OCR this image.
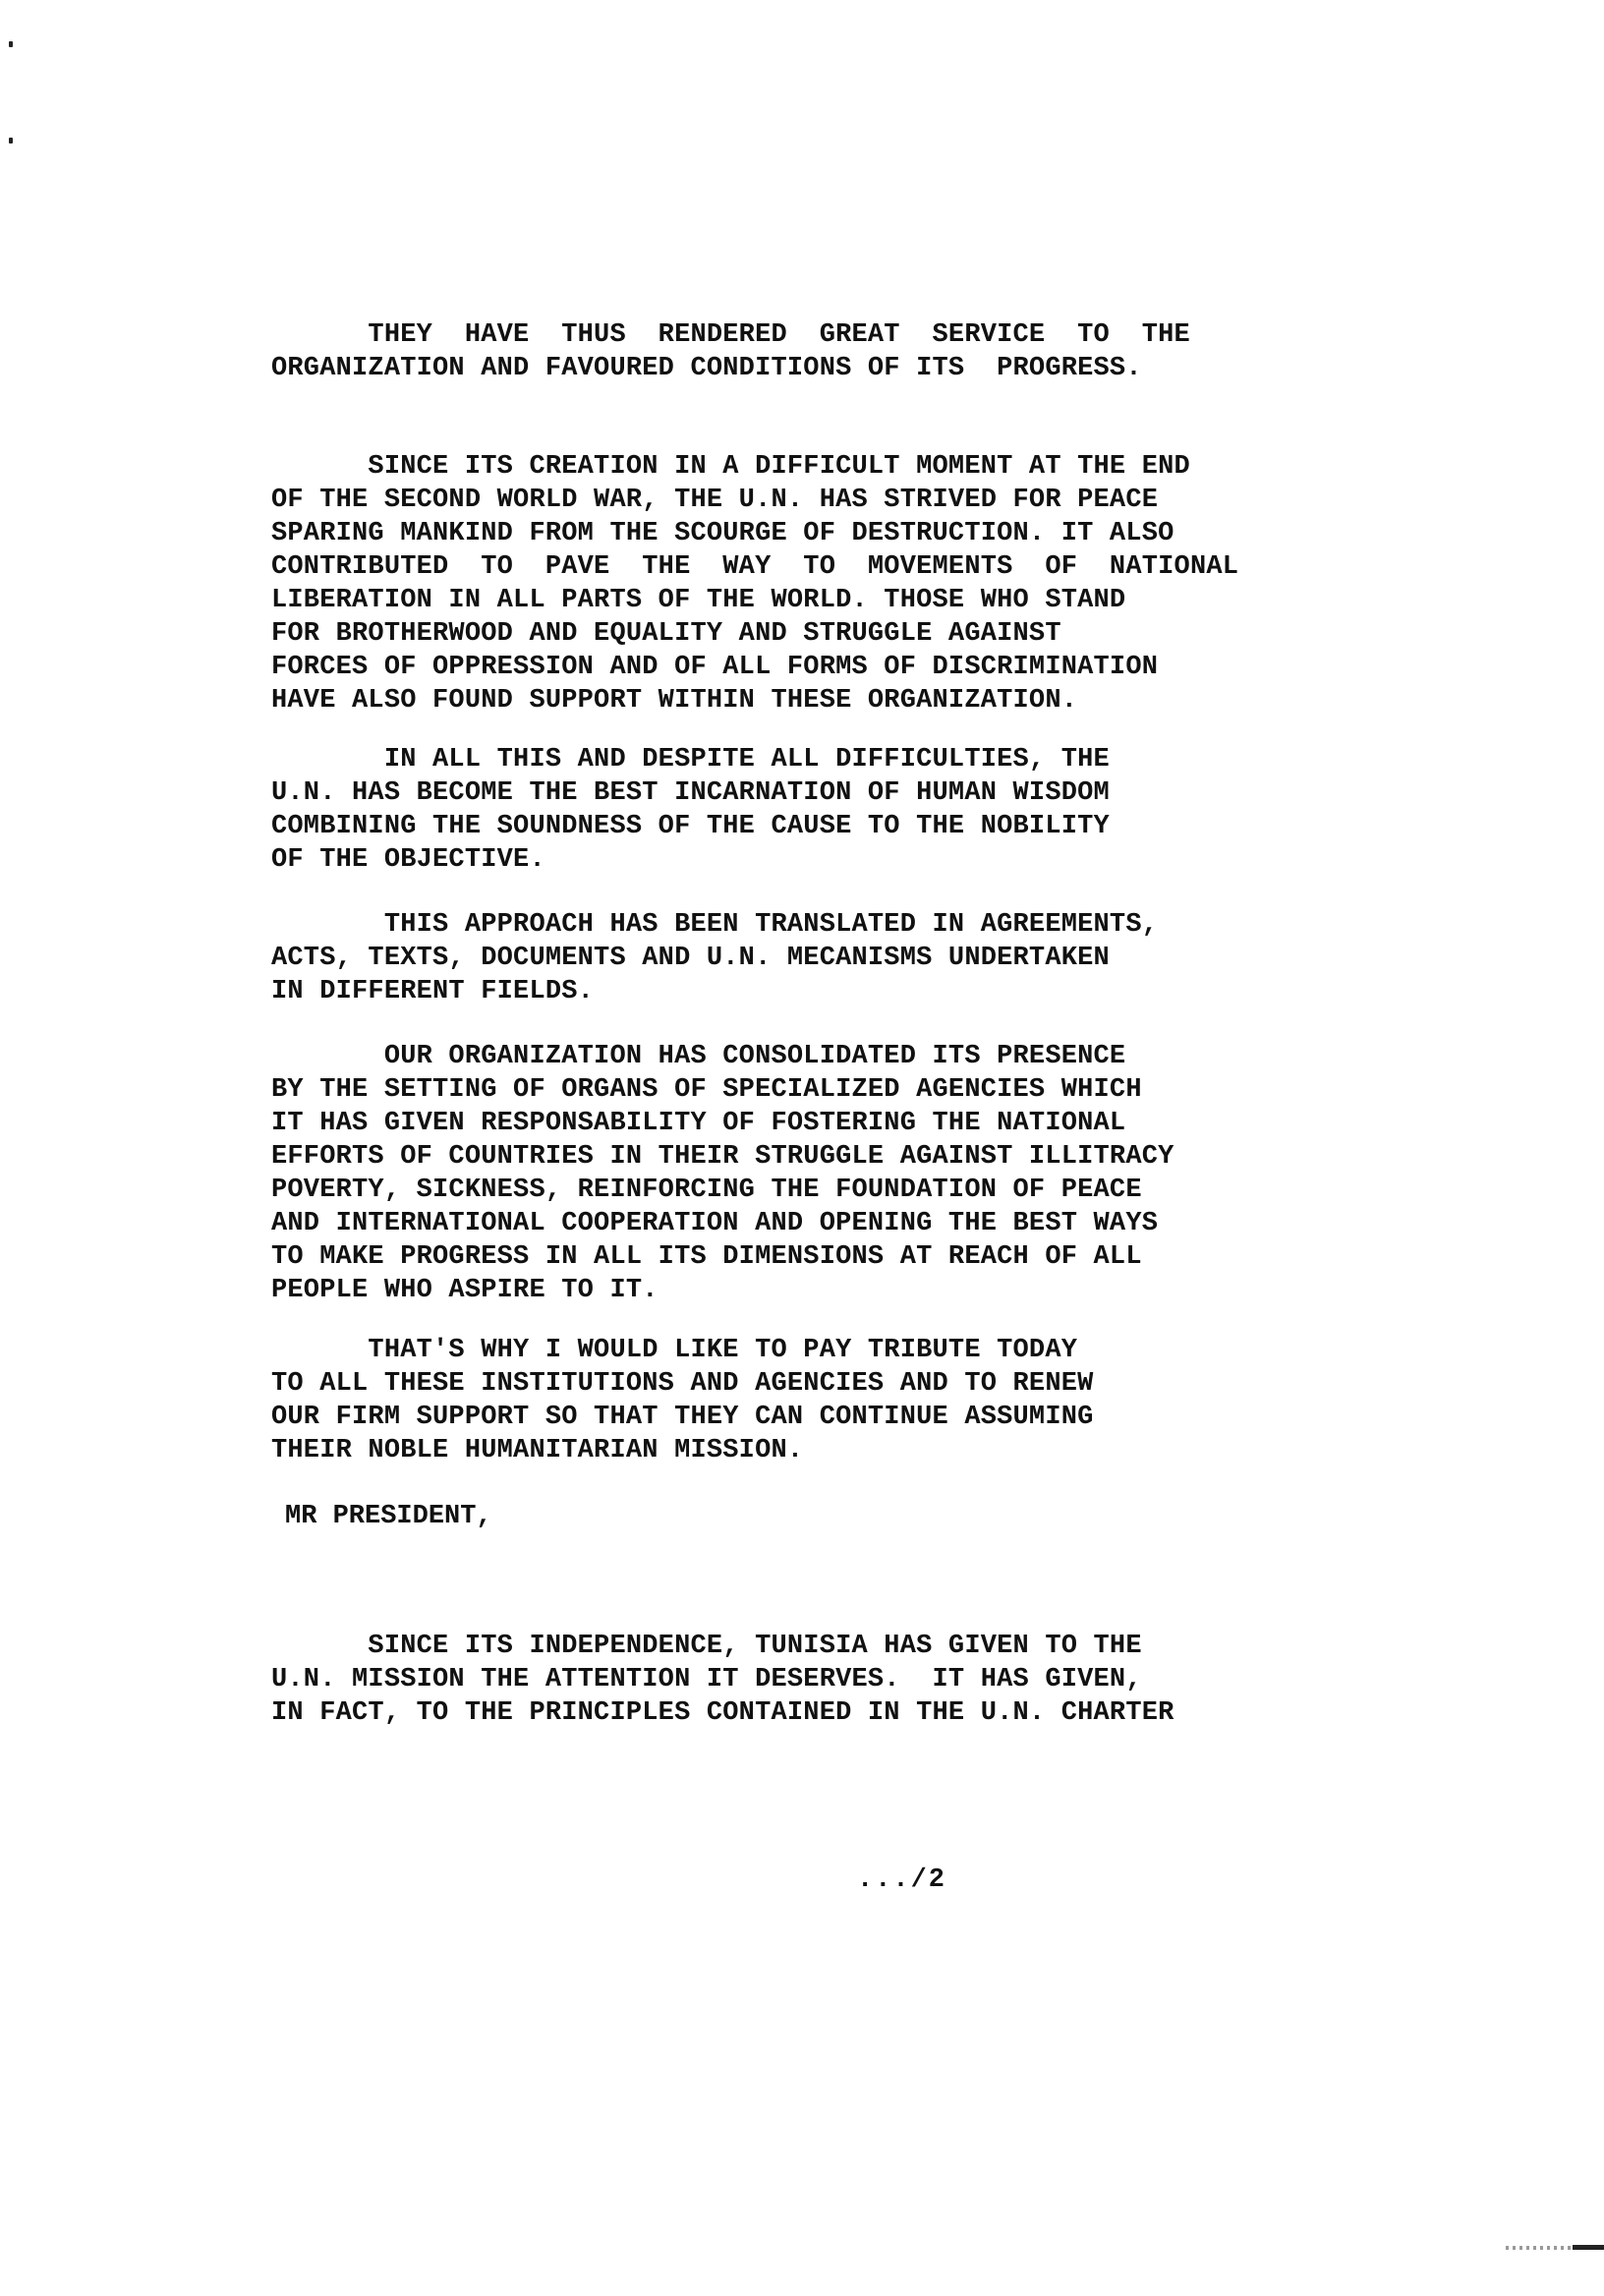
THEY  HAVE  THUS  RENDERED  GREAT  SERVICE  TO  THE
ORGANIZATION AND FAVOURED CONDITIONS OF ITS  PROGRESS.

SINCE ITS CREATION IN A DIFFICULT MOMENT AT THE END
OF THE SECOND WORLD WAR, THE U.N. HAS STRIVED FOR PEACE
SPARING MANKIND FROM THE SCOURGE OF DESTRUCTION. IT ALSO
CONTRIBUTED  TO  PAVE  THE  WAY  TO  MOVEMENTS  OF  NATIONAL
LIBERATION IN ALL PARTS OF THE WORLD. THOSE WHO STAND
FOR BROTHERWOOD AND EQUALITY AND STRUGGLE AGAINST
FORCES OF OPPRESSION AND OF ALL FORMS OF DISCRIMINATION
HAVE ALSO FOUND SUPPORT WITHIN THESE ORGANIZATION.

IN ALL THIS AND DESPITE ALL DIFFICULTIES, THE
U.N. HAS BECOME THE BEST INCARNATION OF HUMAN WISDOM
COMBINING THE SOUNDNESS OF THE CAUSE TO THE NOBILITY
OF THE OBJECTIVE.

THIS APPROACH HAS BEEN TRANSLATED IN AGREEMENTS,
ACTS, TEXTS, DOCUMENTS AND U.N. MECANISMS UNDERTAKEN
IN DIFFERENT FIELDS.

OUR ORGANIZATION HAS CONSOLIDATED ITS PRESENCE
BY THE SETTING OF ORGANS OF SPECIALIZED AGENCIES WHICH
IT HAS GIVEN RESPONSABILITY OF FOSTERING THE NATIONAL
EFFORTS OF COUNTRIES IN THEIR STRUGGLE AGAINST ILLITRACY
POVERTY, SICKNESS, REINFORCING THE FOUNDATION OF PEACE
AND INTERNATIONAL COOPERATION AND OPENING THE BEST WAYS
TO MAKE PROGRESS IN ALL ITS DIMENSIONS AT REACH OF ALL
PEOPLE WHO ASPIRE TO IT.

THAT'S WHY I WOULD LIKE TO PAY TRIBUTE TODAY
TO ALL THESE INSTITUTIONS AND AGENCIES AND TO RENEW
OUR FIRM SUPPORT SO THAT THEY CAN CONTINUE ASSUMING
THEIR NOBLE HUMANITARIAN MISSION.

MR PRESIDENT,

SINCE ITS INDEPENDENCE, TUNISIA HAS GIVEN TO THE
U.N. MISSION THE ATTENTION IT DESERVES.  IT HAS GIVEN,
IN FACT, TO THE PRINCIPLES CONTAINED IN THE U.N. CHARTER

.../2
